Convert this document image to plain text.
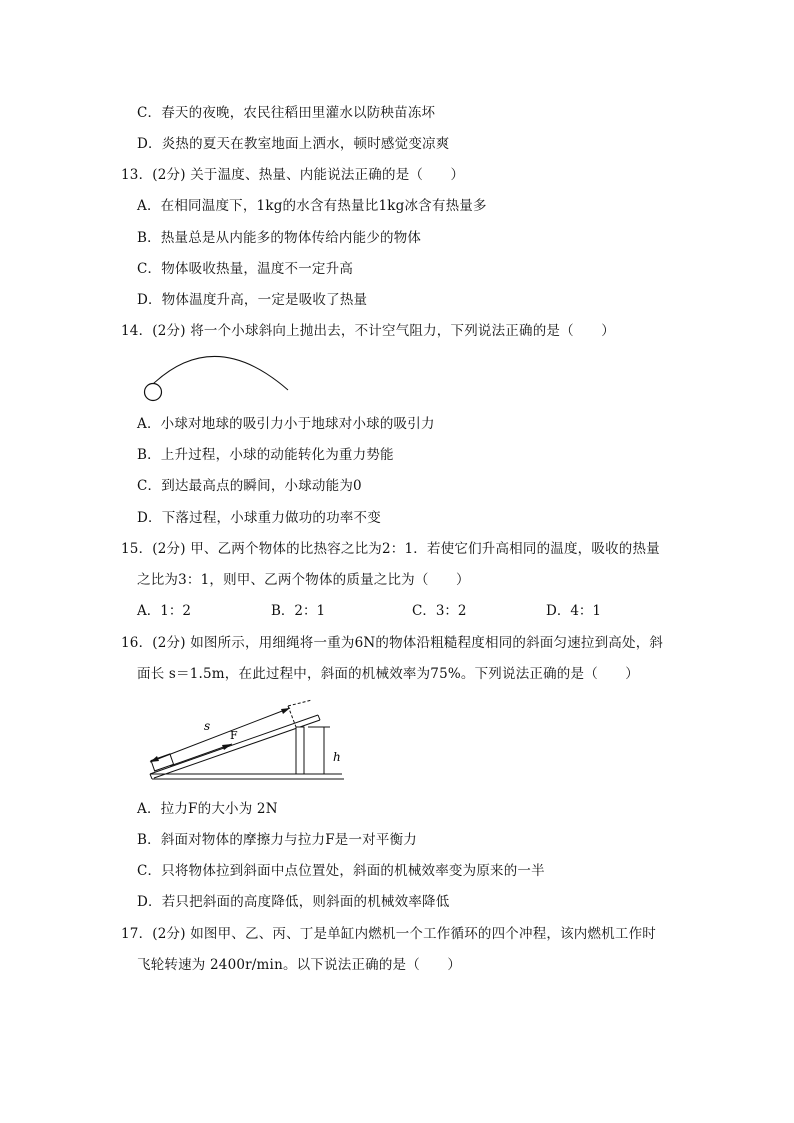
C．春天的夜晚，农民往稻田里灌水以防秧苗冻坏
D．炎热的夏天在教室地面上洒水，顿时感觉变凉爽
13．(2分) 关于温度、热量、内能说法正确的是（　　）
A．在相同温度下，1kg的水含有热量比1kg冰含有热量多
B．热量总是从内能多的物体传给内能少的物体
C．物体吸收热量，温度不一定升高
D．物体温度升高，一定是吸收了热量
14．(2分) 将一个小球斜向上抛出去，不计空气阻力，下列说法正确的是（　　）
A．小球对地球的吸引力小于地球对小球的吸引力
B．上升过程，小球的动能转化为重力势能
C．到达最高点的瞬间，小球动能为0
D．下落过程，小球重力做功的功率不变
15．(2分) 甲、乙两个物体的比热容之比为2：1．若使它们升高相同的温度，吸收的热量
之比为3：1，则甲、乙两个物体的质量之比为（　　）
A．1：2	B．2：1	C．3：2	D．4：1
16．(2分) 如图所示，用细绳将一重为6N的物体沿粗糙程度相同的斜面匀速拉到高处，斜
面长 s＝1.5m，在此过程中，斜面的机械效率为75%。下列说法正确的是（　　）
h
s
F
A．拉力F的大小为 2N
B．斜面对物体的摩擦力与拉力F是一对平衡力
C．只将物体拉到斜面中点位置处，斜面的机械效率变为原来的一半
D．若只把斜面的高度降低，则斜面的机械效率降低
17．(2分) 如图甲、乙、丙、丁是单缸内燃机一个工作循环的四个冲程，该内燃机工作时
飞轮转速为 2400r/min。以下说法正确的是（　　）
